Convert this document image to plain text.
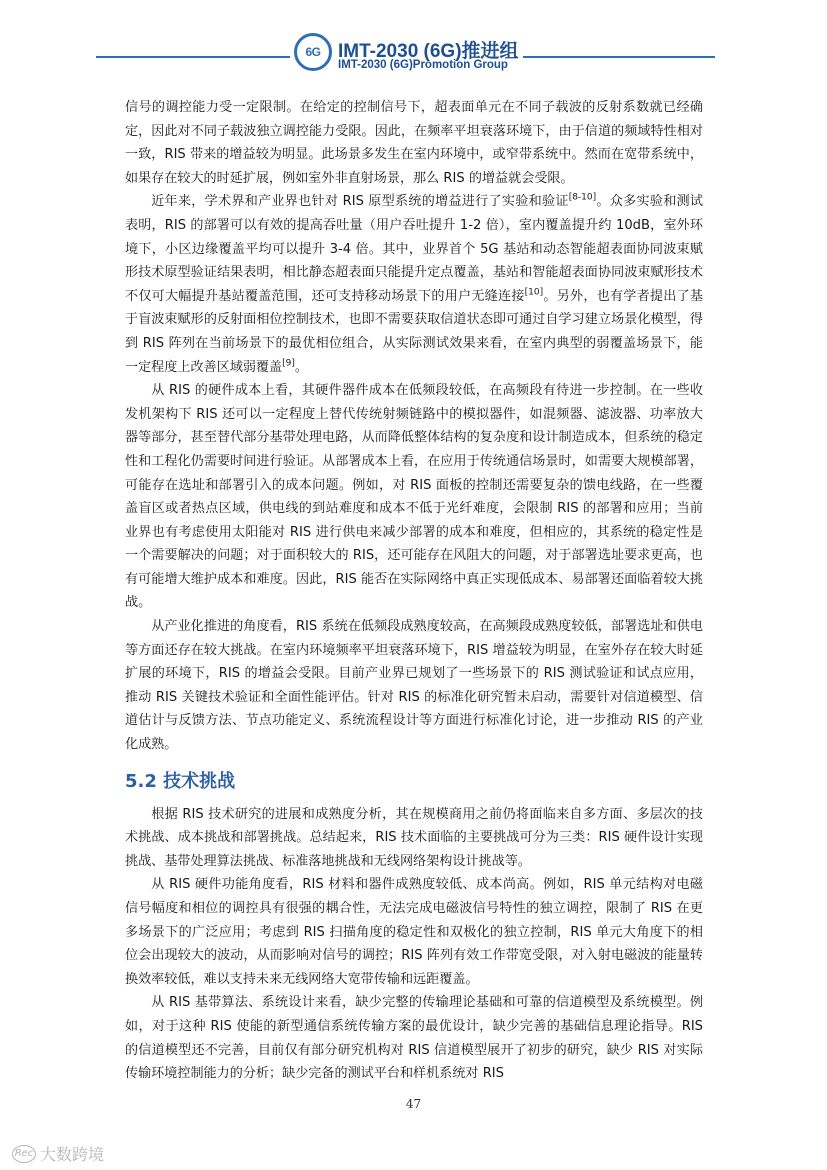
6G IMT-2030 (6G)推进组
IMT-2030 (6G)Promotion Group

信号的调控能力受一定限制。在给定的控制信号下，超表面单元在不同子载波的反射系数就已经确定，因此对不同子载波独立调控能力受限。因此，在频率平坦衰落环境下，由于信道的频域特性相对一致，RIS 带来的增益较为明显。此场景多发生在室内环境中，或窄带系统中。然而在宽带系统中，如果存在较大的时延扩展，例如室外非直射场景，那么 RIS 的增益就会受限。

近年来，学术界和产业界也针对 RIS 原型系统的增益进行了实验和验证[8-10]。众多实验和测试表明，RIS 的部署可以有效的提高吞吐量（用户吞吐提升 1-2 倍），室内覆盖提升约 10dB，室外环境下，小区边缘覆盖平均可以提升 3-4 倍。其中，业界首个 5G 基站和动态智能超表面协同波束赋形技术原型验证结果表明，相比静态超表面只能提升定点覆盖，基站和智能超表面协同波束赋形技术不仅可大幅提升基站覆盖范围，还可支持移动场景下的用户无缝连接[10]。另外，也有学者提出了基于盲波束赋形的反射面相位控制技术，也即不需要获取信道状态即可通过自学习建立场景化模型，得到 RIS 阵列在当前场景下的最优相位组合，从实际测试效果来看，在室内典型的弱覆盖场景下，能一定程度上改善区域弱覆盖[9]。

从 RIS 的硬件成本上看，其硬件器件成本在低频段较低，在高频段有待进一步控制。在一些收发机架构下 RIS 还可以一定程度上替代传统射频链路中的模拟器件，如混频器、滤波器、功率放大器等部分，甚至替代部分基带处理电路，从而降低整体结构的复杂度和设计制造成本，但系统的稳定性和工程化仍需要时间进行验证。从部署成本上看，在应用于传统通信场景时，如需要大规模部署，可能存在选址和部署引入的成本问题。例如，对 RIS 面板的控制还需要复杂的馈电线路，在一些覆盖盲区或者热点区域，供电线的到站难度和成本不低于光纤难度，会限制 RIS 的部署和应用；当前业界也有考虑使用太阳能对 RIS 进行供电来减少部署的成本和难度，但相应的，其系统的稳定性是一个需要解决的问题；对于面积较大的 RIS，还可能存在风阻大的问题，对于部署选址要求更高，也有可能增大维护成本和难度。因此，RIS 能否在实际网络中真正实现低成本、易部署还面临着较大挑战。

从产业化推进的角度看，RIS 系统在低频段成熟度较高，在高频段成熟度较低，部署选址和供电等方面还存在较大挑战。在室内环境频率平坦衰落环境下，RIS 增益较为明显，在室外存在较大时延扩展的环境下，RIS 的增益会受限。目前产业界已规划了一些场景下的 RIS 测试验证和试点应用，推动 RIS 关键技术验证和全面性能评估。针对 RIS 的标准化研究暂未启动，需要针对信道模型、信道估计与反馈方法、节点功能定义、系统流程设计等方面进行标准化讨论，进一步推动 RIS 的产业化成熟。

5.2 技术挑战

根据 RIS 技术研究的进展和成熟度分析，其在规模商用之前仍将面临来自多方面、多层次的技术挑战、成本挑战和部署挑战。总结起来，RIS 技术面临的主要挑战可分为三类：RIS 硬件设计实现挑战、基带处理算法挑战、标准落地挑战和无线网络架构设计挑战等。

从 RIS 硬件功能角度看，RIS 材料和器件成熟度较低、成本尚高。例如，RIS 单元结构对电磁信号幅度和相位的调控具有很强的耦合性，无法完成电磁波信号特性的独立调控，限制了 RIS 在更多场景下的广泛应用；考虑到 RIS 扫描角度的稳定性和双极化的独立控制，RIS 单元大角度下的相位会出现较大的波动，从而影响对信号的调控；RIS 阵列有效工作带宽受限，对入射电磁波的能量转换效率较低，难以支持未来无线网络大宽带传输和远距覆盖。

从 RIS 基带算法、系统设计来看，缺少完整的传输理论基础和可靠的信道模型及系统模型。例如，对于这种 RIS 使能的新型通信系统传输方案的最优设计，缺少完善的基础信息理论指导。RIS 的信道模型还不完善，目前仅有部分研究机构对 RIS 信道模型展开了初步的研究，缺少 RIS 对实际传输环境控制能力的分析；缺少完备的测试平台和样机系统对 RIS

47
Rec 大数跨境
